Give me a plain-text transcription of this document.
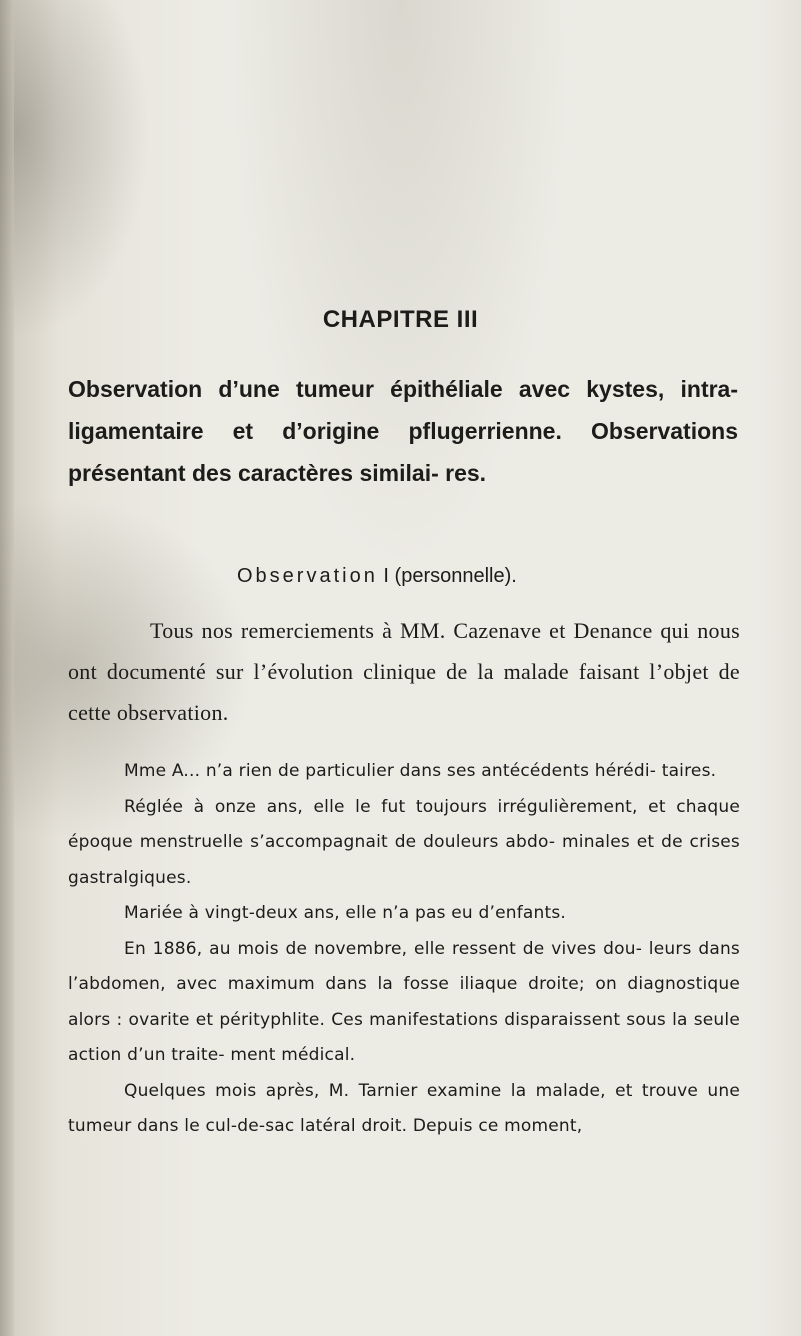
CHAPITRE III
Observation d’une tumeur épithéliale avec kystes, intra-ligamentaire et d’origine pflugerrienne. Observations présentant des caractères similai- res.
Observation I (personnelle).
Tous nos remerciements à MM. Cazenave et Denance qui nous ont documenté sur l’évolution clinique de la malade faisant l’objet de cette observation.

Mme A... n’a rien de particulier dans ses antécédents hérédi- taires.

Réglée à onze ans, elle le fut toujours irrégulièrement, et chaque époque menstruelle s’accompagnait de douleurs abdo- minales et de crises gastralgiques.

Mariée à vingt-deux ans, elle n’a pas eu d’enfants.

En 1886, au mois de novembre, elle ressent de vives dou- leurs dans l’abdomen, avec maximum dans la fosse iliaque droite; on diagnostique alors : ovarite et pérityphlite. Ces manifestations disparaissent sous la seule action d’un traite- ment médical.

Quelques mois après, M. Tarnier examine la malade, et trouve une tumeur dans le cul-de-sac latéral droit. Depuis ce moment,
